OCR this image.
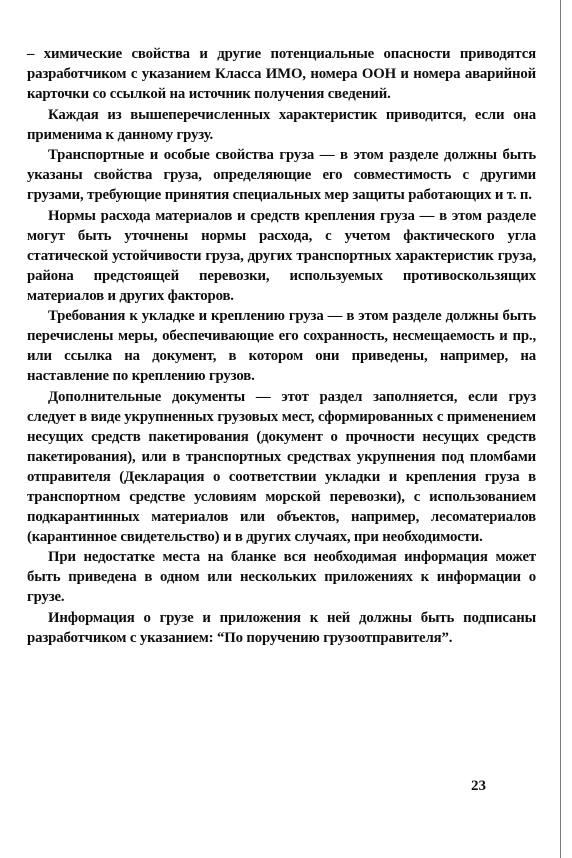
– химические свойства и другие потенциальные опасности приводятся разработчиком с указанием Класса ИМО, номера ООН и номера аварийной карточки со ссылкой на источник получения сведений.

Каждая из вышеперечисленных характеристик приводится, если она применима к данному грузу.

Транспортные и особые свойства груза — в этом разделе должны быть указаны свойства груза, определяющие его совместимость с другими грузами, требующие принятия специальных мер защиты работающих и т. п.

Нормы расхода материалов и средств крепления груза — в этом разделе могут быть уточнены нормы расхода, с учетом фактического угла статической устойчивости груза, других транспортных характеристик груза, района предстоящей перевозки, используемых противоскользящих материалов и других факторов.

Требования к укладке и креплению груза — в этом разделе должны быть перечислены меры, обеспечивающие его сохранность, несмещаемость и пр., или ссылка на документ, в котором они приведены, например, на наставление по креплению грузов.

Дополнительные документы — этот раздел заполняется, если груз следует в виде укрупненных грузовых мест, сформированных с применением несущих средств пакетирования (документ о прочности несущих средств пакетирования), или в транспортных средствах укрупнения под пломбами отправителя (Декларация о соответствии укладки и крепления груза в транспортном средстве условиям морской перевозки), с использованием подкарантинных материалов или объектов, например, лесоматериалов (карантинное свидетельство) и в других случаях, при необходимости.

При недостатке места на бланке вся необходимая информация может быть приведена в одном или нескольких приложениях к информации о грузе.

Информация о грузе и приложения к ней должны быть подписаны разработчиком с указанием: “По поручению грузоотправителя”.

23
